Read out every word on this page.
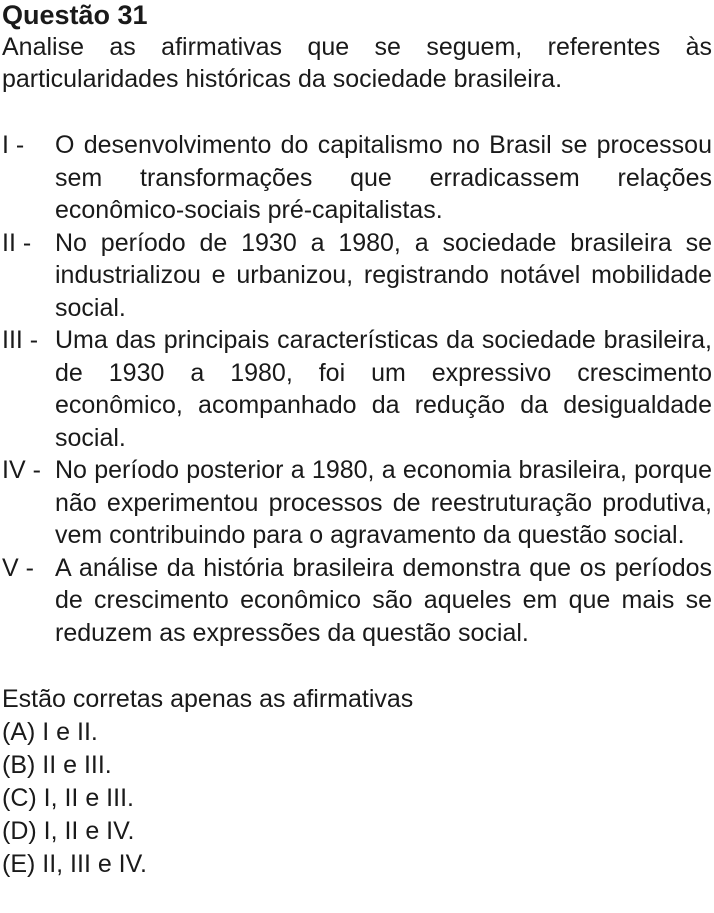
Questão 31

Analise as afirmativas que se seguem, referentes às particularidades históricas da sociedade brasileira.

I -	O desenvolvimento do capitalismo no Brasil se processou sem transformações que erradicassem relações econômico-sociais pré-capitalistas.
II - No período de 1930 a 1980, a sociedade brasileira se industrializou e urbanizou, registrando notável mobilidade social.
III - Uma das principais características da sociedade brasileira, de 1930 a 1980, foi um expressivo crescimento econômico, acompanhado da redução da desigualdade social.
IV - No período posterior a 1980, a economia brasileira, porque não experimentou processos de reestruturação produtiva, vem contribuindo para o agravamento da questão social.
V - A análise da história brasileira demonstra que os períodos de crescimento econômico são aqueles em que mais se reduzem as expressões da questão social.
Estão corretas apenas as afirmativas
(A) I e II.
(B) II e III.
(C) I, II e III.
(D) I, II e IV.
(E) II, III e IV.
